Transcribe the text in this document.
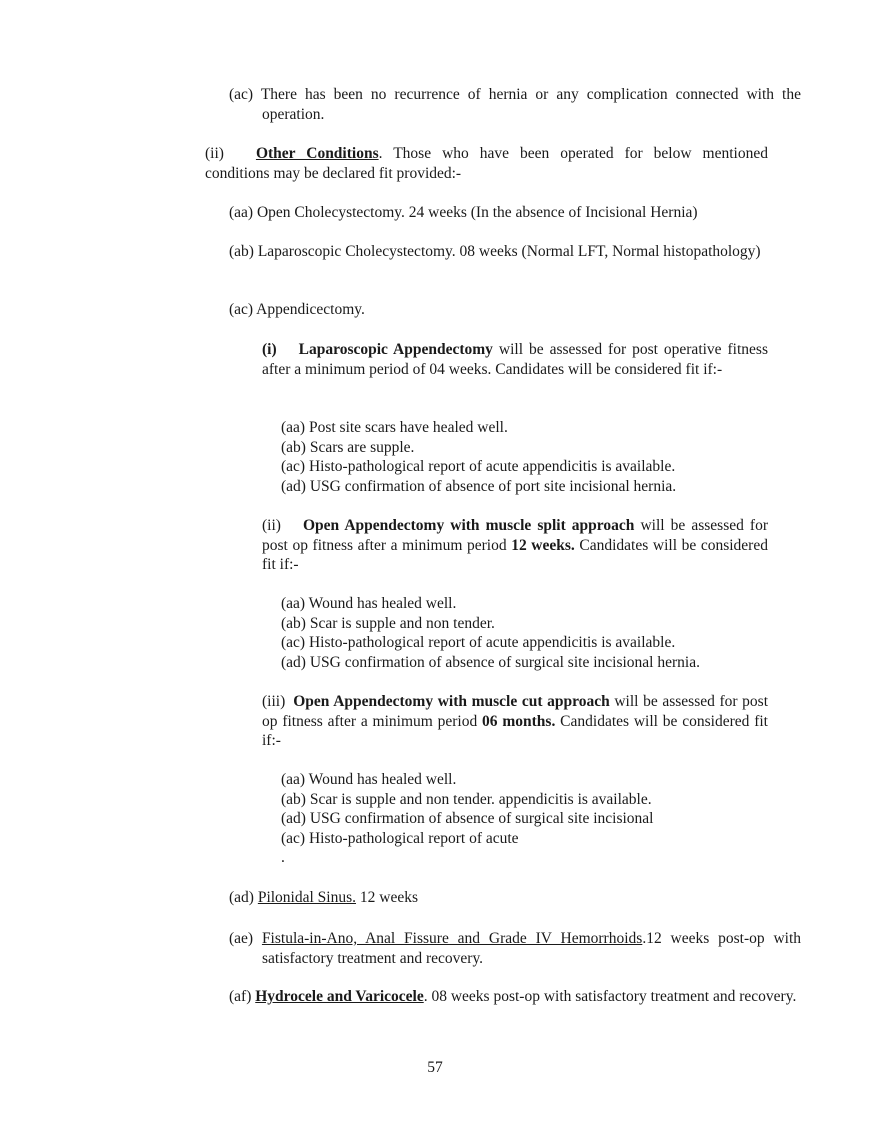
(ac) There has been no recurrence of hernia or any complication connected with the operation.

(ii) Other Conditions. Those who have been operated for below mentioned conditions may be declared fit provided:-

(aa) Open Cholecystectomy. 24 weeks (In the absence of Incisional Hernia)

(ab) Laparoscopic Cholecystectomy. 08 weeks (Normal LFT, Normal histopathology)

(ac) Appendicectomy.

(i) Laparoscopic Appendectomy will be assessed for post operative fitness after a minimum period of 04 weeks. Candidates will be considered fit if:-

(aa) Post site scars have healed well.
(ab) Scars are supple.
(ac) Histo-pathological report of acute appendicitis is available.
(ad) USG confirmation of absence of port site incisional hernia.

(ii) Open Appendectomy with muscle split approach will be assessed for post op fitness after a minimum period 12 weeks. Candidates will be considered fit if:-

(aa) Wound has healed well.
(ab) Scar is supple and non tender.
(ac) Histo-pathological report of acute appendicitis is available.
(ad) USG confirmation of absence of surgical site incisional hernia.

(iii) Open Appendectomy with muscle cut approach will be assessed for post op fitness after a minimum period 06 months. Candidates will be considered fit if:-

(aa) Wound has healed well.
(ab) Scar is supple and non tender. appendicitis is available.
(ad) USG confirmation of absence of surgical site incisional
(ac) Histo-pathological report of acute
.

(ad) Pilonidal Sinus. 12 weeks

(ae) Fistula-in-Ano, Anal Fissure and Grade IV Hemorrhoids.12 weeks post-op with satisfactory treatment and recovery.

(af) Hydrocele and Varicocele. 08 weeks post-op with satisfactory treatment and recovery.

57
